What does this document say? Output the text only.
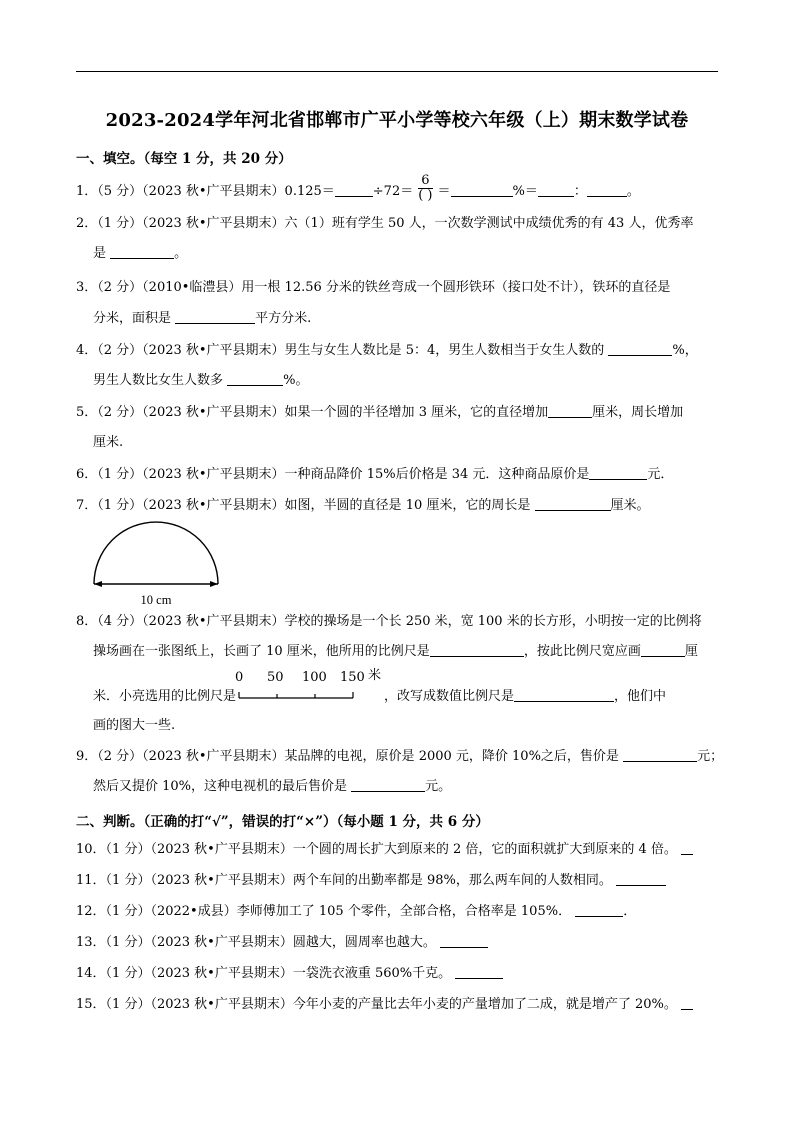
2023-2024学年河北省邯郸市广平小学等校六年级（上）期末数学试卷
一、填空。（每空 1 分，共 20 分）
1．（5 分）（2023 秋•广平县期末）0.125＝	$\div 72= \frac{6}{( )}$ ＝	%＝	：	。
2．（1 分）（2023 秋•广平县期末）六（1）班有学生 50 人，一次数学测试中成绩优秀的有 43 人，优秀率
是	。
3．（2 分）（2010•临澧县）用一根 12.56 分米的铁丝弯成一个圆形铁环（接口处不计），铁环的直径是
分米，面积是	平方分米.
4．（2 分）（2023 秋•广平县期末）男生与女生人数比是 5：4，男生人数相当于女生人数的	%，
男生人数比女生人数多	%。
5．（2 分）（2023 秋•广平县期末）如果一个圆的半径增加 3 厘米，它的直径增加	厘米，周长增加
厘米.
6．（1 分）（2023 秋•广平县期末）一种商品降价 15%后价格是 34 元．这种商品原价是	元．
7．（1 分）（2023 秋•广平县期末）如图，半圆的直径是 10 厘米，它的周长是	厘米。
10 cm
8．（4 分）（2023 秋•广平县期末）学校的操场是一个长 250 米，宽 100 米的长方形，小明按一定的比例将
操场画在一张图纸上，长画了 10 厘米，他所用的比例尺是	，按此比例尺宽应画	厘
米．小亮选用的比例尺是
0 50 100 150 米
，改写成数值比例尺是	，他们中
画的图大一些.
9．（2 分）（2023 秋•广平县期末）某品牌的电视，原价是 2000 元，降价 10%之后，售价是	元；
然后又提价 10%，这种电视机的最后售价是	元。
二、判断。（正确的打“√”，错误的打“×”）（每小题 1 分，共 6 分）
10．（1 分）（2023 秋•广平县期末）一个圆的周长扩大到原来的 2 倍，它的面积就扩大到原来的 4 倍。
11．（1 分）（2023 秋•广平县期末）两个车间的出勤率都是 98%，那么两车间的人数相同。
12．（1 分）（2022•成县）李师傅加工了 105 个零件，全部合格，合格率是 105%．	．
13．（1 分）（2023 秋•广平县期末）圆越大，圆周率也越大。
14．（1 分）（2023 秋•广平县期末）一袋洗衣液重 560%千克。
15．（1 分）（2023 秋•广平县期末）今年小麦的产量比去年小麦的产量增加了二成，就是增产了 20%。
